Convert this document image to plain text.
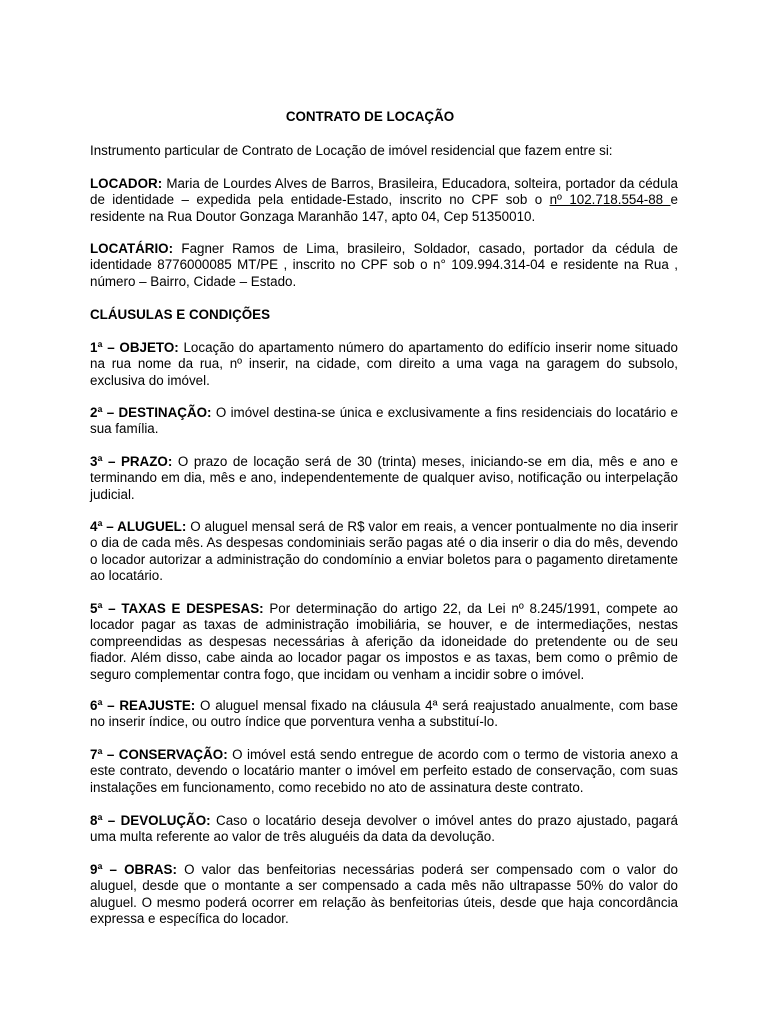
CONTRATO DE LOCAÇÃO
Instrumento particular de Contrato de Locação de imóvel residencial que fazem entre si:
LOCADOR: Maria de Lourdes Alves de Barros, Brasileira, Educadora, solteira, portador da cédula de identidade – expedida pela entidade-Estado, inscrito no CPF sob o nº 102.718.554-88 e residente na Rua Doutor Gonzaga Maranhão 147, apto 04, Cep 51350010.
LOCATÁRIO: Fagner Ramos de Lima, brasileiro, Soldador, casado, portador da cédula de identidade 8776000085 MT/PE , inscrito no CPF sob o n° 109.994.314-04 e residente na Rua , número – Bairro, Cidade – Estado.
CLÁUSULAS E CONDIÇÕES
1ª – OBJETO: Locação do apartamento número do apartamento do edifício inserir nome situado na rua nome da rua, nº inserir, na cidade, com direito a uma vaga na garagem do subsolo, exclusiva do imóvel.
2ª – DESTINAÇÃO: O imóvel destina-se única e exclusivamente a fins residenciais do locatário e sua família.
3ª – PRAZO: O prazo de locação será de 30 (trinta) meses, iniciando-se em dia, mês e ano e terminando em dia, mês e ano, independentemente de qualquer aviso, notificação ou interpelação judicial.
4ª – ALUGUEL: O aluguel mensal será de R$ valor em reais, a vencer pontualmente no dia inserir o dia de cada mês. As despesas condominiais serão pagas até o dia inserir o dia do mês, devendo o locador autorizar a administração do condomínio a enviar boletos para o pagamento diretamente ao locatário.
5ª – TAXAS E DESPESAS: Por determinação do artigo 22, da Lei nº 8.245/1991, compete ao locador pagar as taxas de administração imobiliária, se houver, e de intermediações, nestas compreendidas as despesas necessárias à aferição da idoneidade do pretendente ou de seu fiador. Além disso, cabe ainda ao locador pagar os impostos e as taxas, bem como o prêmio de seguro complementar contra fogo, que incidam ou venham a incidir sobre o imóvel.
6ª – REAJUSTE: O aluguel mensal fixado na cláusula 4ª será reajustado anualmente, com base no inserir índice, ou outro índice que porventura venha a substituí-lo.
7ª – CONSERVAÇÃO: O imóvel está sendo entregue de acordo com o termo de vistoria anexo a este contrato, devendo o locatário manter o imóvel em perfeito estado de conservação, com suas instalações em funcionamento, como recebido no ato de assinatura deste contrato.
8ª – DEVOLUÇÃO: Caso o locatário deseja devolver o imóvel antes do prazo ajustado, pagará uma multa referente ao valor de três aluguéis da data da devolução.
9ª – OBRAS: O valor das benfeitorias necessárias poderá ser compensado com o valor do aluguel, desde que o montante a ser compensado a cada mês não ultrapasse 50% do valor do aluguel. O mesmo poderá ocorrer em relação às benfeitorias úteis, desde que haja concordância expressa e específica do locador.
